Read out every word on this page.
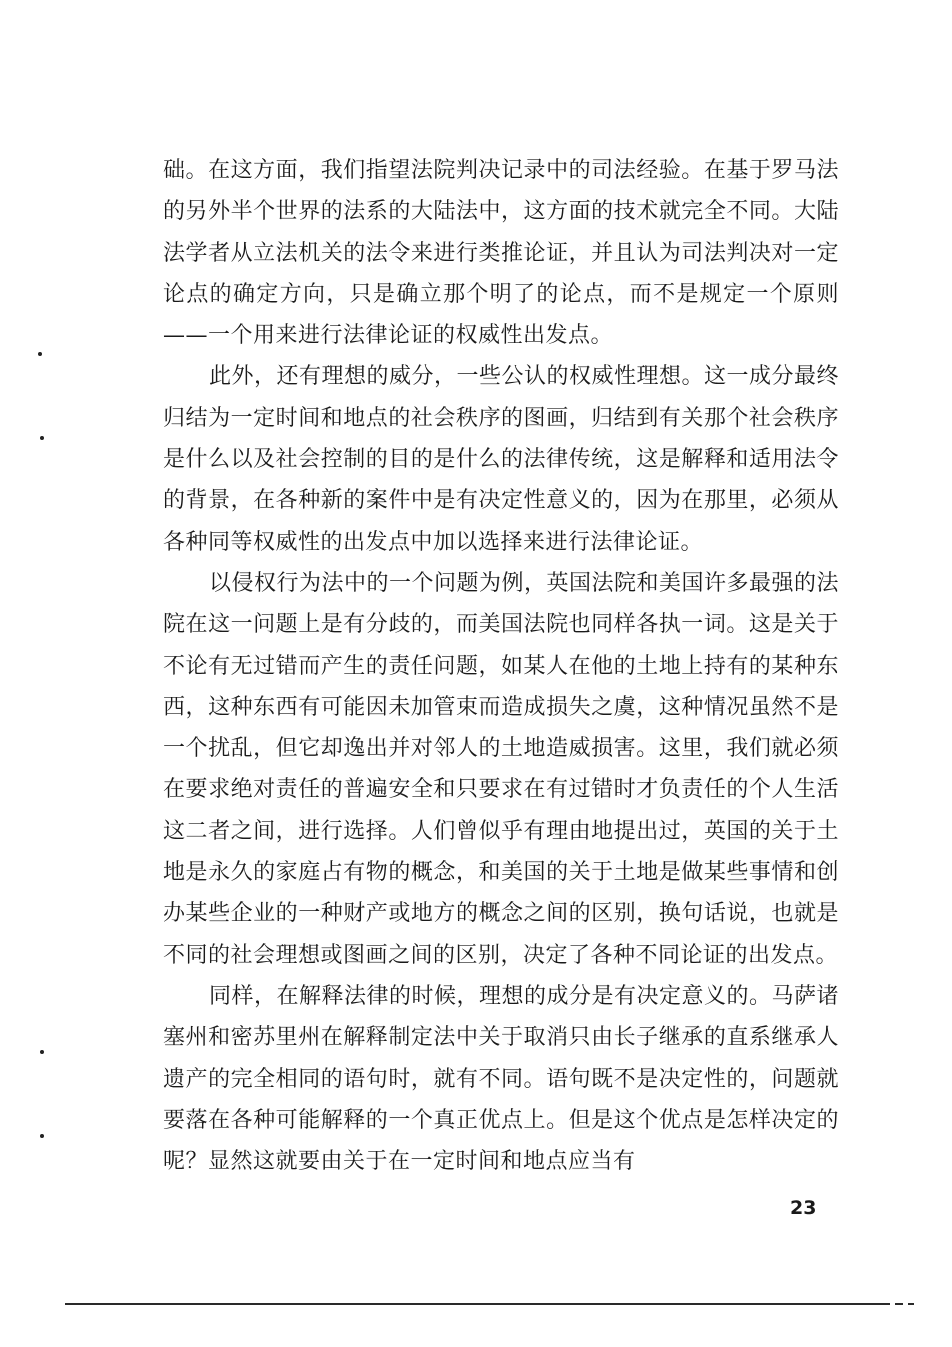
础。在这方面，我们指望法院判决记录中的司法经验。在基于罗马法的另外半个世界的法系的大陆法中，这方面的技术就完全不同。大陆法学者从立法机关的法令来进行类推论证，并且认为司法判决对一定论点的确定方向，只是确立那个明了的论点，而不是规定一个原则——一个用来进行法律论证的权威性出发点。

此外，还有理想的威分，一些公认的权威性理想。这一成分最终归结为一定时间和地点的社会秩序的图画，归结到有关那个社会秩序是什么以及社会控制的目的是什么的法律传统，这是解释和适用法令的背景，在各种新的案件中是有决定性意义的，因为在那里，必须从各种同等权威性的出发点中加以选择来进行法律论证。

以侵权行为法中的一个问题为例，英国法院和美国许多最强的法院在这一问题上是有分歧的，而美国法院也同样各执一词。这是关于不论有无过错而产生的责任问题，如某人在他的土地上持有的某种东西，这种东西有可能因未加管束而造成损失之虞，这种情况虽然不是一个扰乱，但它却逸出并对邻人的土地造威损害。这里，我们就必须在要求绝对责任的普遍安全和只要求在有过错时才负责任的个人生活这二者之间，进行选择。人们曾似乎有理由地提出过，英国的关于土地是永久的家庭占有物的概念，和美国的关于土地是做某些事情和创办某些企业的一种财产或地方的概念之间的区别，换句话说，也就是不同的社会理想或图画之间的区别，决定了各种不同论证的出发点。

同样，在解释法律的时候，理想的成分是有决定意义的。马萨诸塞州和密苏里州在解释制定法中关于取消只由长子继承的直系继承人遗产的完全相同的语句时，就有不同。语句既不是决定性的，问题就要落在各种可能解释的一个真正优点上。但是这个优点是怎样决定的呢？显然这就要由关于在一定时间和地点应当有

23
